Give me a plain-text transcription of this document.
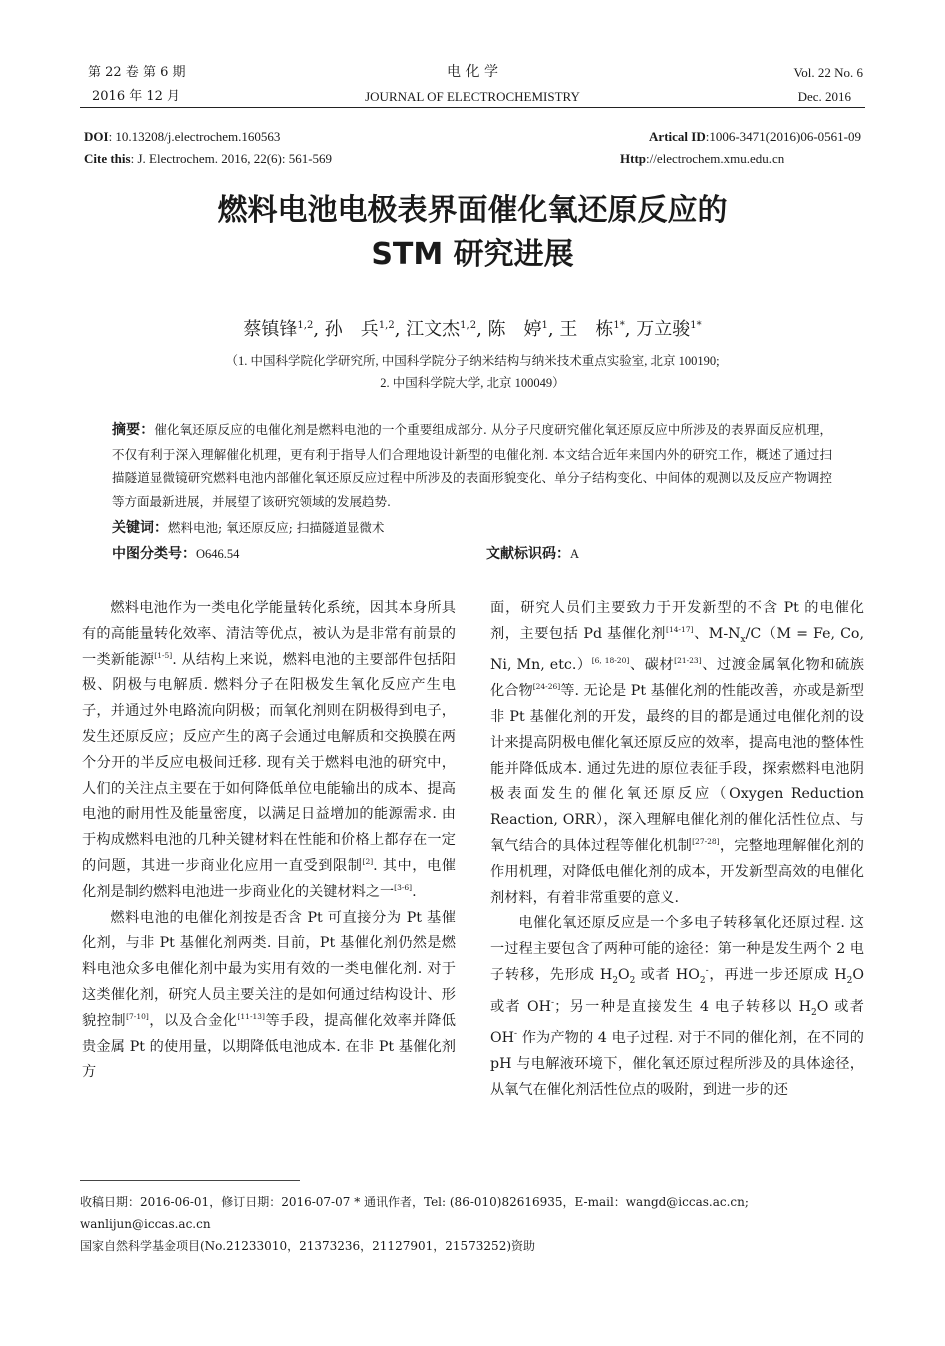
第 22 卷 第 6 期
2016 年 12 月
电 化 学
JOURNAL OF ELECTROCHEMISTRY
Vol. 22 No. 6
Dec. 2016
DOI: 10.13208/j.electrochem.160563
Cite this: J. Electrochem. 2016, 22(6): 561-569
Artical ID:1006-3471(2016)06-0561-09
Http://electrochem.xmu.edu.cn
燃料电池电极表界面催化氧还原反应的
STM 研究进展
蔡镇锋$^{1,2}$, 孙　兵$^{1,2}$, 江文杰$^{1,2}$, 陈　婷$^1$, 王　栋$^{1*}$, 万立骏$^{1*}$
（1. 中国科学院化学研究所, 中国科学院分子纳米结构与纳米技术重点实验室, 北京 100190;
2. 中国科学院大学, 北京 100049）
摘要：催化氧还原反应的电催化剂是燃料电池的一个重要组成部分. 从分子尺度研究催化氧还原反应中所涉及的表界面反应机理，不仅有利于深入理解催化机理，更有利于指导人们合理地设计新型的电催化剂. 本文结合近年来国内外的研究工作，概述了通过扫描隧道显微镜研究燃料电池内部催化氧还原反应过程中所涉及的表面形貌变化、单分子结构变化、中间体的观测以及反应产物调控等方面最新进展，并展望了该研究领域的发展趋势.
关键词：燃料电池; 氧还原反应; 扫描隧道显微术
中图分类号：O646.54	文献标识码：A

燃料电池作为一类电化学能量转化系统，因其本身所具有的高能量转化效率、清洁等优点，被认为是非常有前景的一类新能源[1-5]. 从结构上来说，燃料电池的主要部件包括阳极、阴极与电解质. 燃料分子在阳极发生氧化反应产生电子，并通过外电路流向阴极；而氧化剂则在阴极得到电子，发生还原反应；反应产生的离子会通过电解质和交换膜在两个分开的半反应电极间迁移. 现有关于燃料电池的研究中，人们的关注点主要在于如何降低单位电能输出的成本、提高电池的耐用性及能量密度，以满足日益增加的能源需求. 由于构成燃料电池的几种关键材料在性能和价格上都存在一定的问题，其进一步商业化应用一直受到限制[2]. 其中，电催化剂是制约燃料电池进一步商业化的关键材料之一[3-6].

燃料电池的电催化剂按是否含 Pt 可直接分为 Pt 基催化剂，与非 Pt 基催化剂两类. 目前，Pt 基催化剂仍然是燃料电池众多电催化剂中最为实用有效的一类电催化剂. 对于这类催化剂，研究人员主要关注的是如何通过结构设计、形貌控制[7-10]，以及合金化[11-13]等手段，提高催化效率并降低贵金属 Pt 的使用量，以期降低电池成本. 在非 Pt 基催化剂方

面，研究人员们主要致力于开发新型的不含 Pt 的电催化剂，主要包括 Pd 基催化剂[14-17]、$M-N_x/C(M = Fe$, Co, Ni, Mn, etc.）[6, 18-20]、碳材[21-23]、过渡金属氧化物和硫族化合物[24-26]等. 无论是 Pt 基催化剂的性能改善，亦或是新型非 Pt 基催化剂的开发，最终的目的都是通过电催化剂的设计来提高阴极电催化氧还原反应的效率，提高电池的整体性能并降低成本. 通过先进的原位表征手段，探索燃料电池阴极表面发生的催化氧还原反应（Oxygen Reduction Reaction, ORR），深入理解电催化剂的催化活性位点、与氧气结合的具体过程等催化机制[27-28]，完整地理解催化剂的作用机理，对降低电催化剂的成本，开发新型高效的电催化剂材料，有着非常重要的意义.

电催化氧还原反应是一个多电子转移氧化还原过程. 这一过程主要包含了两种可能的途径：第一种是发生两个 2 电子转移，先形成 $H_2O_2$ 或者 $HO_2^-$，再进一步还原成 $H_2O$ 或者 OH-；另一种是直接发生 4 电子转移以 $H_2O$ 或者 OH- 作为产物的 4 电子过程. 对于不同的催化剂，在不同的 pH 与电解液环境下，催化氧还原过程所涉及的具体途径，从氧气在催化剂活性位点的吸附，到进一步的还

收稿日期：2016-06-01，修订日期：2016-07-07 * 通讯作者，Tel: (86-010)82616935，E-mail：wangd@iccas.ac.cn;
wanlijun@iccas.ac.cn
国家自然科学基金项目(No.21233010，21373236，21127901，21573252)资助
